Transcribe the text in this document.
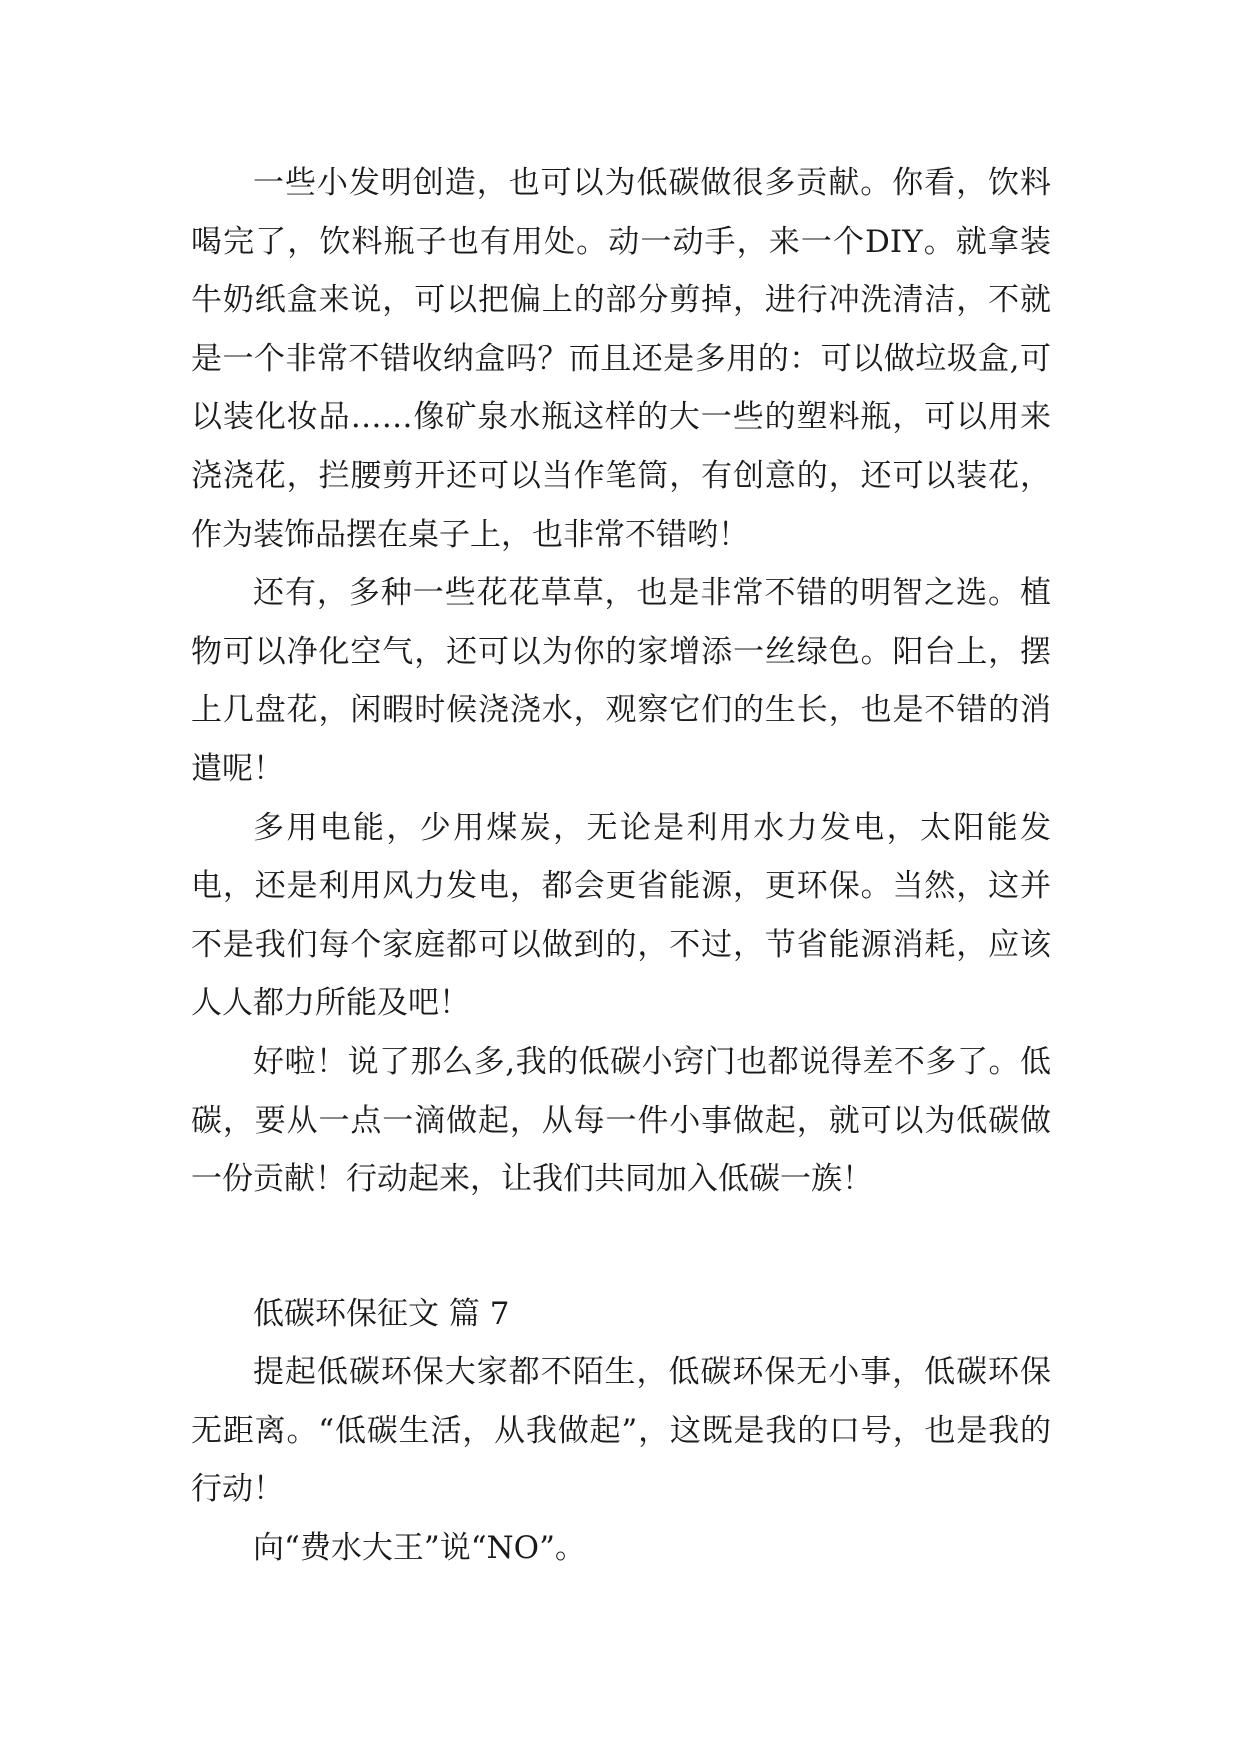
一些小发明创造，也可以为低碳做很多贡献。你看，饮料喝完了，饮料瓶子也有用处。动一动手，来一个DIY。就拿装牛奶纸盒来说，可以把偏上的部分剪掉，进行冲洗清洁，不就是一个非常不错收纳盒吗？而且还是多用的：可以做垃圾盒,可以装化妆品……像矿泉水瓶这样的大一些的塑料瓶，可以用来浇浇花，拦腰剪开还可以当作笔筒，有创意的，还可以装花，作为装饰品摆在桌子上，也非常不错哟！

还有，多种一些花花草草，也是非常不错的明智之选。植物可以净化空气，还可以为你的家增添一丝绿色。阳台上，摆上几盘花，闲暇时候浇浇水，观察它们的生长，也是不错的消遣呢！

多用电能，少用煤炭，无论是利用水力发电，太阳能发电，还是利用风力发电，都会更省能源，更环保。当然，这并不是我们每个家庭都可以做到的，不过，节省能源消耗，应该人人都力所能及吧！

好啦！说了那么多,我的低碳小窍门也都说得差不多了。低碳，要从一点一滴做起，从每一件小事做起，就可以为低碳做一份贡献！行动起来，让我们共同加入低碳一族！

低碳环保征文 篇 7

提起低碳环保大家都不陌生，低碳环保无小事，低碳环保无距离。“低碳生活，从我做起”，这既是我的口号，也是我的行动！

向“费水大王”说“NO”。
